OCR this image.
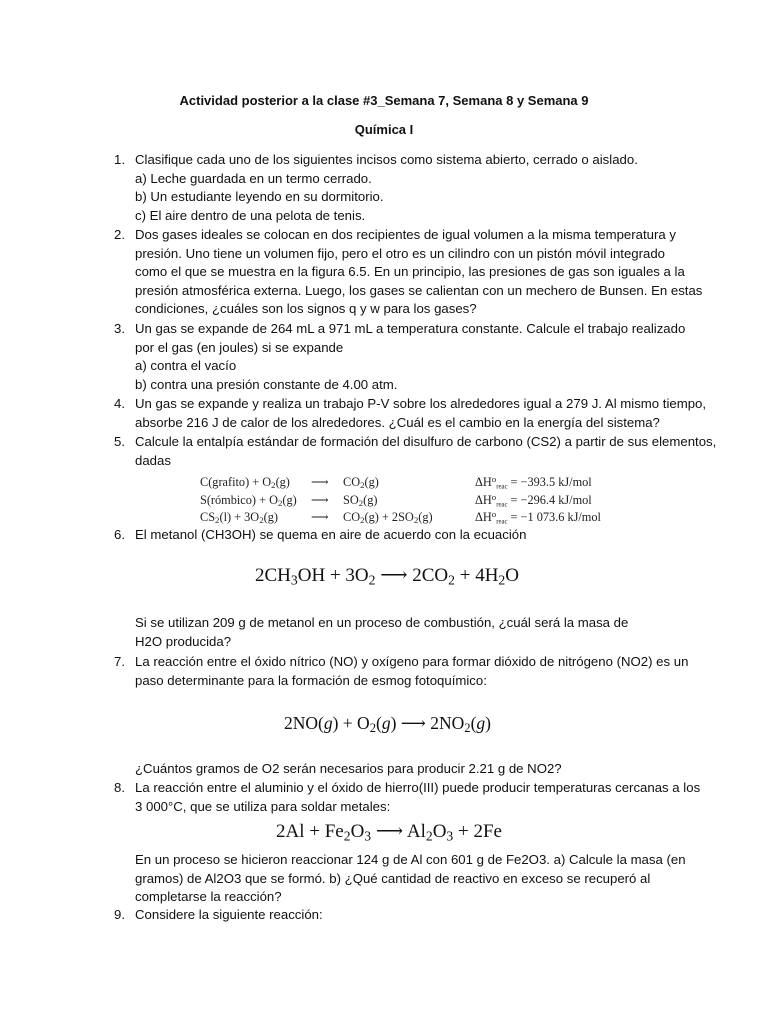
Actividad posterior a la clase #3_Semana 7, Semana 8 y Semana 9
Química I
1. Clasifique cada uno de los siguientes incisos como sistema abierto, cerrado o aislado.
a) Leche guardada en un termo cerrado.
b) Un estudiante leyendo en su dormitorio.
c) El aire dentro de una pelota de tenis.
2. Dos gases ideales se colocan en dos recipientes de igual volumen a la misma temperatura y
presión. Uno tiene un volumen fijo, pero el otro es un cilindro con un pistón móvil integrado
como el que se muestra en la figura 6.5. En un principio, las presiones de gas son iguales a la
presión atmosférica externa. Luego, los gases se calientan con un mechero de Bunsen. En estas
condiciones, ¿cuáles son los signos q y w para los gases?
3. Un gas se expande de 264 mL a 971 mL a temperatura constante. Calcule el trabajo realizado
por el gas (en joules) si se expande
a) contra el vacío
b) contra una presión constante de 4.00 atm.
4. Un gas se expande y realiza un trabajo P-V sobre los alrededores igual a 279 J. Al mismo tiempo,
absorbe 216 J de calor de los alrededores. ¿Cuál es el cambio en la energía del sistema?
5. Calcule la entalpía estándar de formación del disulfuro de carbono (CS2) a partir de sus elementos,
dadas
C(grafito) + $O_2(g)$ ⟶ $CO_2(g)$	$\Delta H^o_{reac} = -393.5$ kJ/mol
S(rómbico) + $O_2(g)$ ⟶ $SO_2(g)$	$\Delta H^o_{reac} = -296.4$ kJ/mol
$CS_2(l) + 3O_2(g)$	⟶ $CO_2(g) + 2SO_2(g)$	$\Delta H^o_{reac} = -1$ 073.6 kJ/mol
6. El metanol (CH3OH) se quema en aire de acuerdo con la ecuación
$2CH_3OH + 3O_2$ ⟶ $2CO_2 + 4H_2O$
Si se utilizan 209 g de metanol en un proceso de combustión, ¿cuál será la masa de
H2O producida?
7. La reacción entre el óxido nítrico (NO) y oxígeno para formar dióxido de nitrógeno (NO2) es un
paso determinante para la formación de esmog fotoquímico:
$2NO(g) + O_2(g)$ ⟶ $2NO_2(g)$
¿Cuántos gramos de O2 serán necesarios para producir 2.21 g de NO2?
8. La reacción entre el aluminio y el óxido de hierro(III) puede producir temperaturas cercanas a los
3 000°C, que se utiliza para soldar metales:
$2Al + Fe_2O_3$ ⟶ $Al_2O_3 + 2Fe$
En un proceso se hicieron reaccionar 124 g de Al con 601 g de Fe2O3. a) Calcule la masa (en
gramos) de Al2O3 que se formó. b) ¿Qué cantidad de reactivo en exceso se recuperó al
completarse la reacción?
9. Considere la siguiente reacción:
